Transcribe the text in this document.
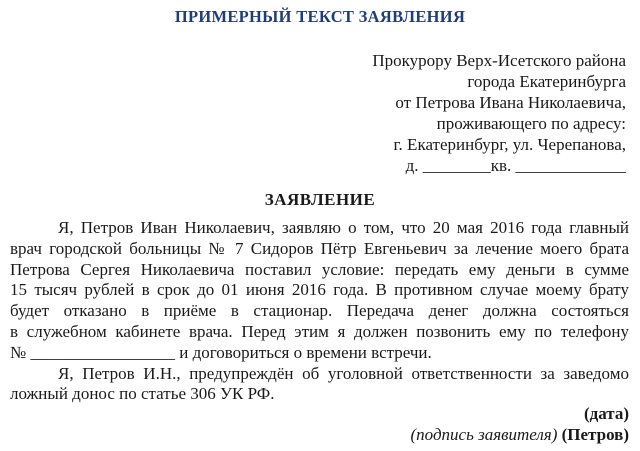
ПРИМЕРНЫЙ ТЕКСТ ЗАЯВЛЕНИЯ
Прокурору Верх-Исетского района
города Екатеринбурга
от Петрова Ивана Николаевича,
проживающего по адресу:
г. Екатеринбург, ул. Черепанова,
д. ________кв. _____________
ЗАЯВЛЕНИЕ
Я, Петров Иван Николаевич, заявляю о том, что 20 мая 2016 года главный
врач городской больницы № 7 Сидоров Пётр Евгеньевич за лечение моего брата
Петрова Сергея Николаевича поставил условие: передать ему деньги в сумме
15 тысяч рублей в срок до 01 июня 2016 года. В противном случае моему брату
будет отказано в приёме в стационар. Передача денег должна состояться
в служебном кабинете врача. Перед этим я должен позвонить ему по телефону
№ _________________ и договориться о времени встречи.
Я, Петров И.Н., предупреждён об уголовной ответственности за заведомо
ложный донос по статье 306 УК РФ.
(дата)
(подпись заявителя) (Петров)
